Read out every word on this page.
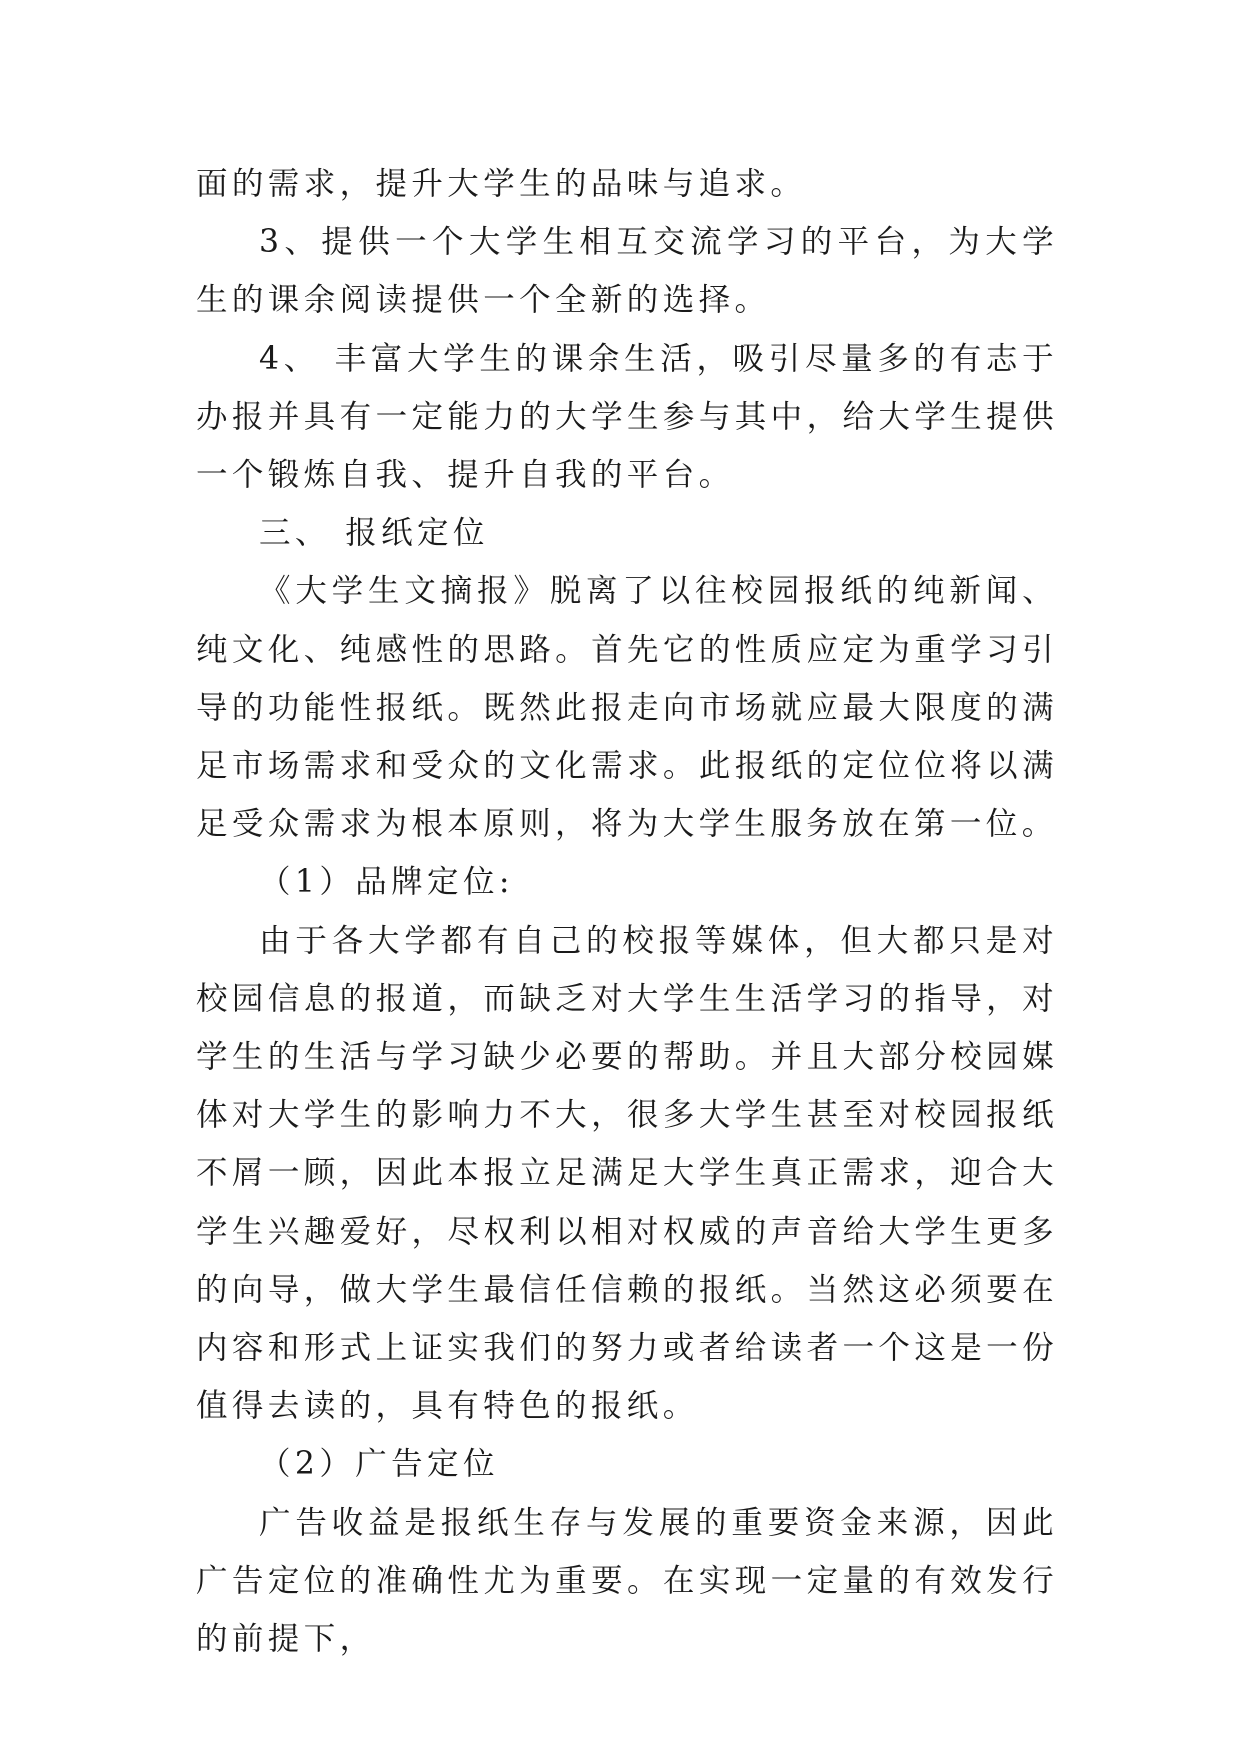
面的需求，提升大学生的品味与追求。

3、提供一个大学生相互交流学习的平台，为大学生的课余阅读提供一个全新的选择。

4、 丰富大学生的课余生活，吸引尽量多的有志于办报并具有一定能力的大学生参与其中，给大学生提供一个锻炼自我、提升自我的平台。

三、 报纸定位

《大学生文摘报》脱离了以往校园报纸的纯新闻、纯文化、纯感性的思路。首先它的性质应定为重学习引导的功能性报纸。既然此报走向市场就应最大限度的满足市场需求和受众的文化需求。此报纸的定位位将以满足受众需求为根本原则，将为大学生服务放在第一位。

（1）品牌定位:

由于各大学都有自己的校报等媒体，但大都只是对校园信息的报道，而缺乏对大学生生活学习的指导，对学生的生活与学习缺少必要的帮助。并且大部分校园媒体对大学生的影响力不大，很多大学生甚至对校园报纸不屑一顾，因此本报立足满足大学生真正需求，迎合大学生兴趣爱好，尽权利以相对权威的声音给大学生更多的向导，做大学生最信任信赖的报纸。当然这必须要在内容和形式上证实我们的努力或者给读者一个这是一份值得去读的，具有特色的报纸。

（2）广告定位

广告收益是报纸生存与发展的重要资金来源，因此广告定位的准确性尤为重要。在实现一定量的有效发行的前提下，
